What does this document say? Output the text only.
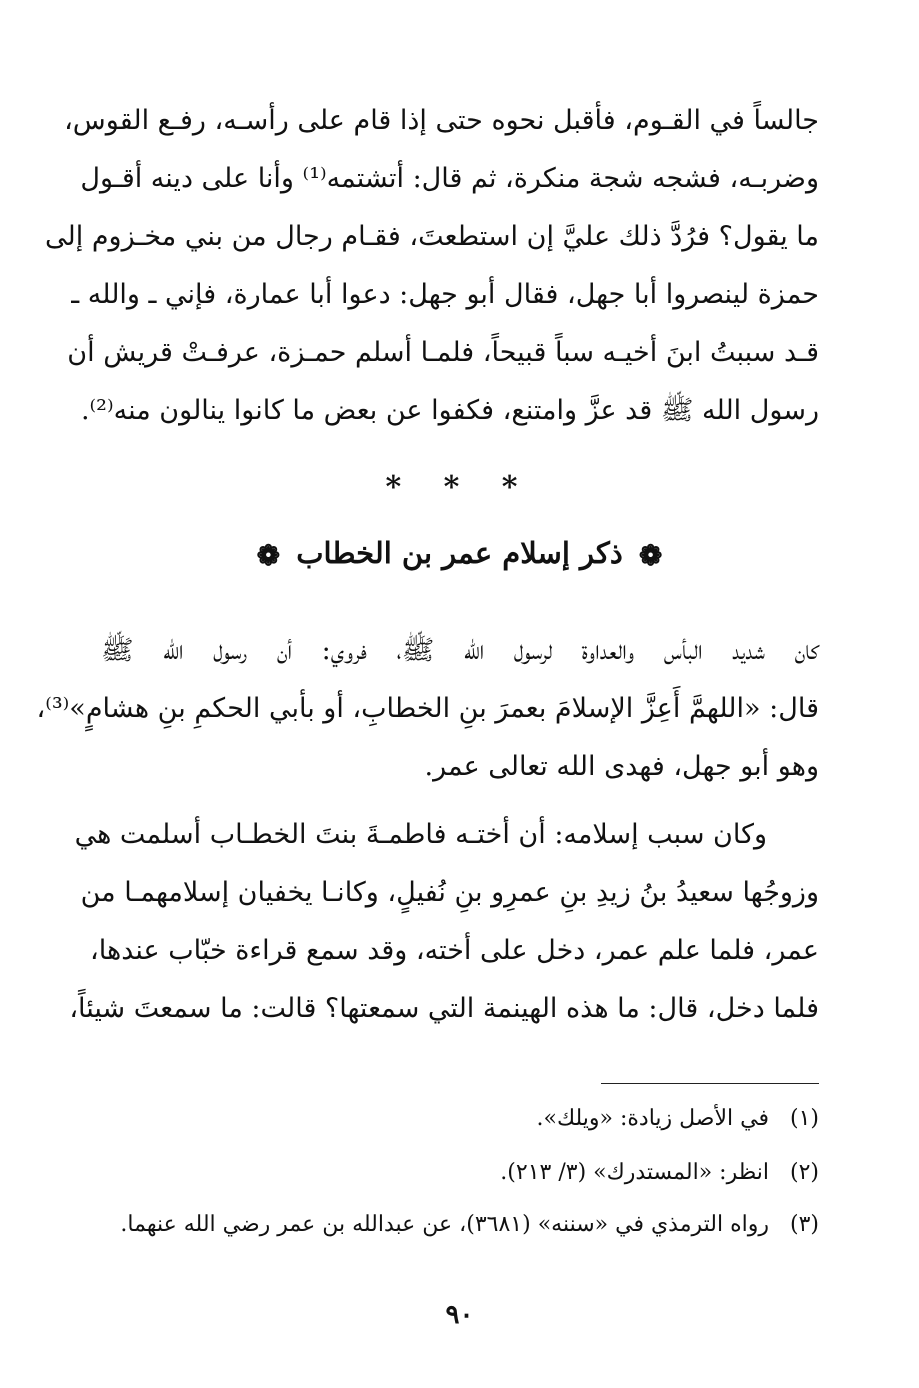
جالساً في القـوم، فأقبل نحوه حتى إذا قام على رأسـه، رفـع القوس،
وضربـه، فشجه شجة منكرة، ثم قال: أتشتمه⁽¹⁾ وأنا على دينه أقـول
ما يقول؟ فرُدَّ ذلك عليَّ إن استطعتَ، فقـام رجال من بني مخـزوم إلى
حمزة لينصروا أبا جهل، فقال أبو جهل: دعوا أبا عمارة، فإني ـ والله ـ
قـد سببتُ ابنَ أخيـه سباً قبيحاً، فلمـا أسلم حمـزة، عرفـتْ قريش أن
رسول الله ﷺ قد عزَّ وامتنع، فكفوا عن بعض ما كانوا ينالون منه⁽²⁾.
* * *
❁ ذكر إسلام عمر بن الخطاب ❁
كان شديد البأس والعداوة لرسول الله ﷺ، فروي: أن رسول الله ﷺ
قال: «اللهمَّ أَعِزَّ الإسلامَ بعمرَ بنِ الخطابِ، أو بأبي الحكمِ بنِ هشامٍ»⁽³⁾،
وهو أبو جهل، فهدى الله تعالى عمر.
وكان سبب إسلامه: أن أختـه فاطمـةَ بنتَ الخطـاب أسلمت هي
وزوجُها سعيدُ بنُ زيدِ بنِ عمرِو بنِ نُفيلٍ، وكانـا يخفيان إسلامهمـا من
عمر، فلما علم عمر، دخل على أخته، وقد سمع قراءة خبّاب عندها،
فلما دخل، قال: ما هذه الهينمة التي سمعتها؟ قالت: ما سمعتَ شيئاً،
(١)في الأصل زيادة: «ويلك».
(٢)انظر: «المستدرك» (٣/ ٢١٣).
(٣)رواه الترمذي في «سننه» (٣٦٨١)، عن عبدالله بن عمر رضي الله عنهما.
٩٠
